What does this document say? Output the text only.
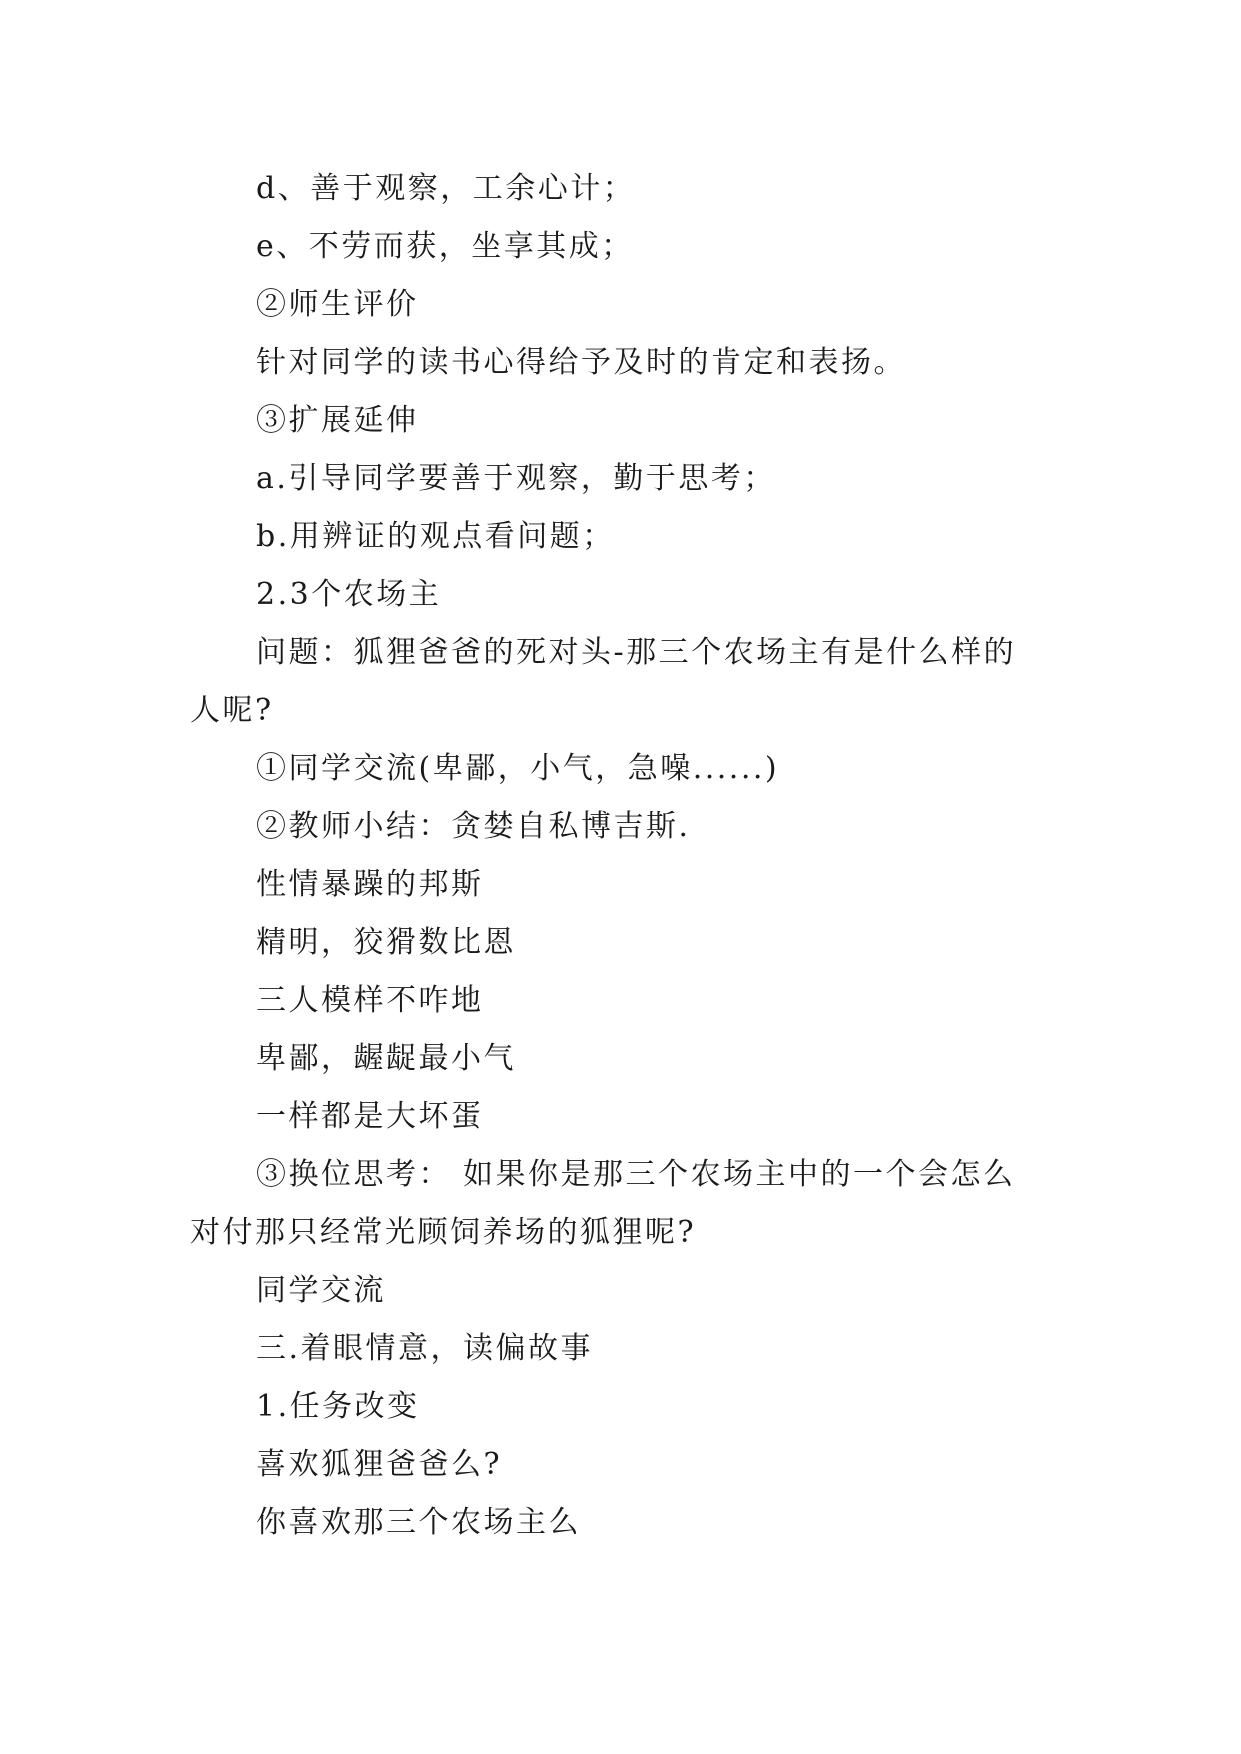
d、善于观察，工余心计；

e、不劳而获，坐享其成；

②师生评价

针对同学的读书心得给予及时的肯定和表扬。

③扩展延伸

a.引导同学要善于观察，勤于思考；

b.用辨证的观点看问题；

2.3个农场主

问题：狐狸爸爸的死对头-那三个农场主有是什么样的

人呢?

①同学交流(卑鄙，小气，急噪......)

②教师小结：贪婪自私博吉斯.

性情暴躁的邦斯

精明，狡猾数比恩

三人模样不咋地

卑鄙，龌龊最小气

一样都是大坏蛋

③换位思考： 如果你是那三个农场主中的一个会怎么

对付那只经常光顾饲养场的狐狸呢?

同学交流

三.着眼情意，读偏故事

1.任务改变

喜欢狐狸爸爸么?

你喜欢那三个农场主么
